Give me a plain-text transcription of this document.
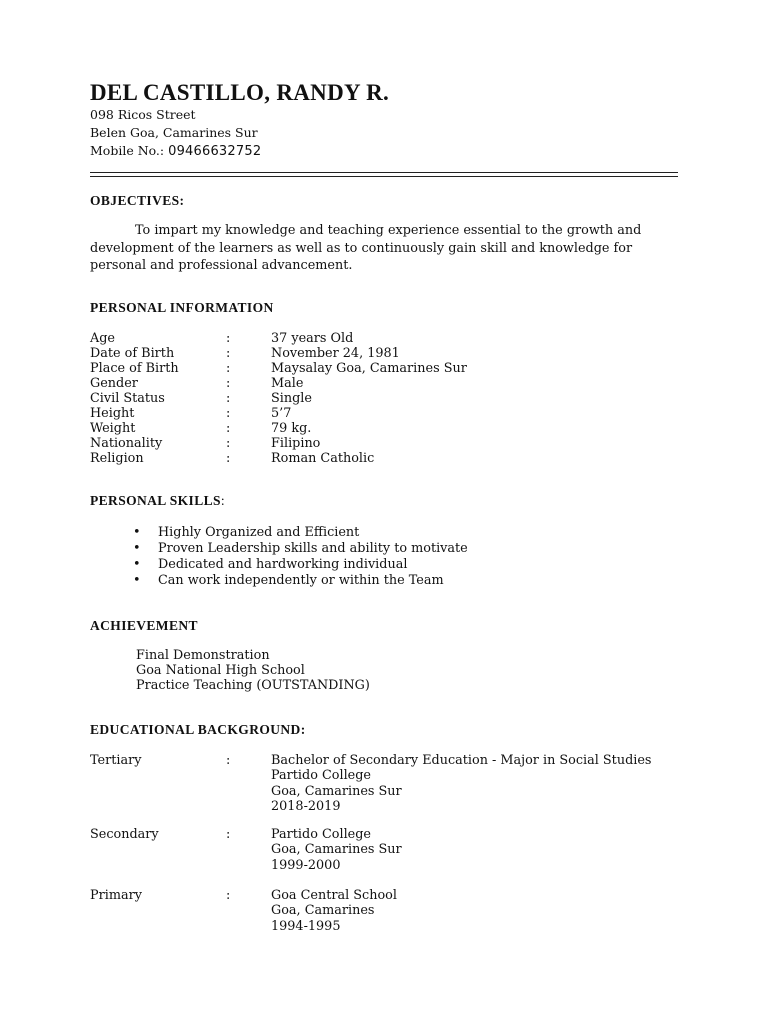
DEL CASTILLO, RANDY R.
098 Ricos Street
Belen Goa, Camarines Sur
Mobile No.: 09466632752
OBJECTIVES:
To impart my knowledge and teaching experience essential to the growth and development of the learners as well as to continuously gain skill and knowledge for personal and professional advancement.
PERSONAL INFORMATION
Age	:	37 years Old
Date of Birth	:	November 24, 1981
Place of Birth	:	Maysalay Goa, Camarines Sur
Gender	:	Male
Civil Status	:	Single
Height	:	5’7
Weight	:	79 kg.
Nationality	:	Filipino
Religion	:	Roman Catholic
PERSONAL SKILLS:
• Highly Organized and Efficient
• Proven Leadership skills and ability to motivate
• Dedicated and hardworking individual
• Can work independently or within the Team
ACHIEVEMENT
Final Demonstration
Goa National High School
Practice Teaching (OUTSTANDING)
EDUCATIONAL BACKGROUND:
Tertiary	:	Bachelor of Secondary Education - Major in Social Studies
Partido College
Goa, Camarines Sur
2018-2019
Secondary	:	Partido College
Goa, Camarines Sur
1999-2000
Primary	:	Goa Central School
Goa, Camarines
1994-1995
